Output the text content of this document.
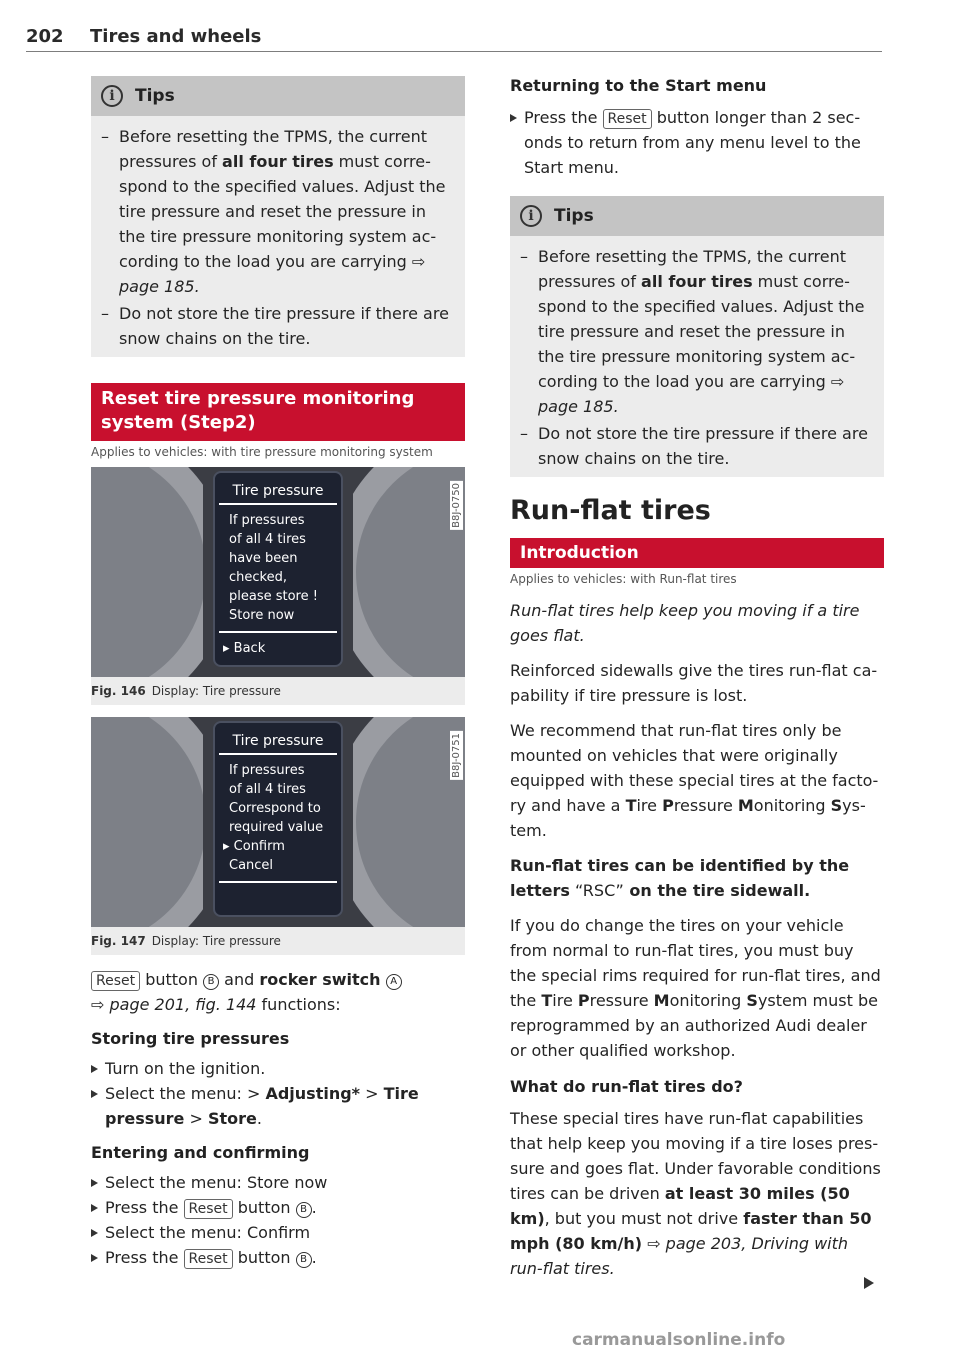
202 Tires and wheels
i	Tips
– Before resetting the TPMS, the current pressures of all four tires must correspond to the specified values. Adjust the tire pressure and reset the pressure in the tire pressure monitoring system according to the load you are carrying ⇨ page 185.
– Do not store the tire pressure if there are snow chains on the tire.
Reset tire pressure monitoring system (Step2)
Applies to vehicles: with tire pressure monitoring system
Tire pressure
If pressures
of all 4 tires
have been
checked,
please store !
Store now
▸ Back
B8J-0750
Fig. 146 Display: Tire pressure
Tire pressure
If pressures
of all 4 tires
Correspond to
required value
▸ Confirm
Cancel
B8J-0751
Fig. 147 Display: Tire pressure

Reset button B and rocker switch A
⇨ page 201, fig. 144 functions:

Storing tire pressures

Turn on the ignition.

Select the menu: > Adjusting* > Tire pressure > Store.

Entering and confirming

Select the menu: Store now

Press the Reset button B .

Select the menu: Confirm

Press the Reset button B .

Returning to the Start menu

Press the Reset button longer than 2 seconds to return from any menu level to the Start menu.

i	Tips
– Before resetting the TPMS, the current pressures of all four tires must correspond to the specified values. Adjust the tire pressure and reset the pressure in the tire pressure monitoring system according to the load you are carrying ⇨ page 185.
– Do not store the tire pressure if there are snow chains on the tire.
Run-flat tires
Introduction
Applies to vehicles: with Run-flat tires

Run-flat tires help keep you moving if a tire goes flat.

Reinforced sidewalls give the tires run-flat capability if tire pressure is lost.

We recommend that run-flat tires only be mounted on vehicles that were originally equipped with these special tires at the factory and have a Tire Pressure Monitoring System.

Run-flat tires can be identified by the letters “RSC” on the tire sidewall.

If you do change the tires on your vehicle from normal to run-flat tires, you must buy the special rims required for run-flat tires, and the Tire Pressure Monitoring System must be reprogrammed by an authorized Audi dealer or other qualified workshop.

What do run-flat tires do?

These special tires have run-flat capabilities that help keep you moving if a tire loses pressure and goes flat. Under favorable conditions tires can be driven at least 30 miles (50 km), but you must not drive faster than 50 mph (80 km/h) ⇨ page 203, Driving with run-flat tires.

carmanualsonline.info
